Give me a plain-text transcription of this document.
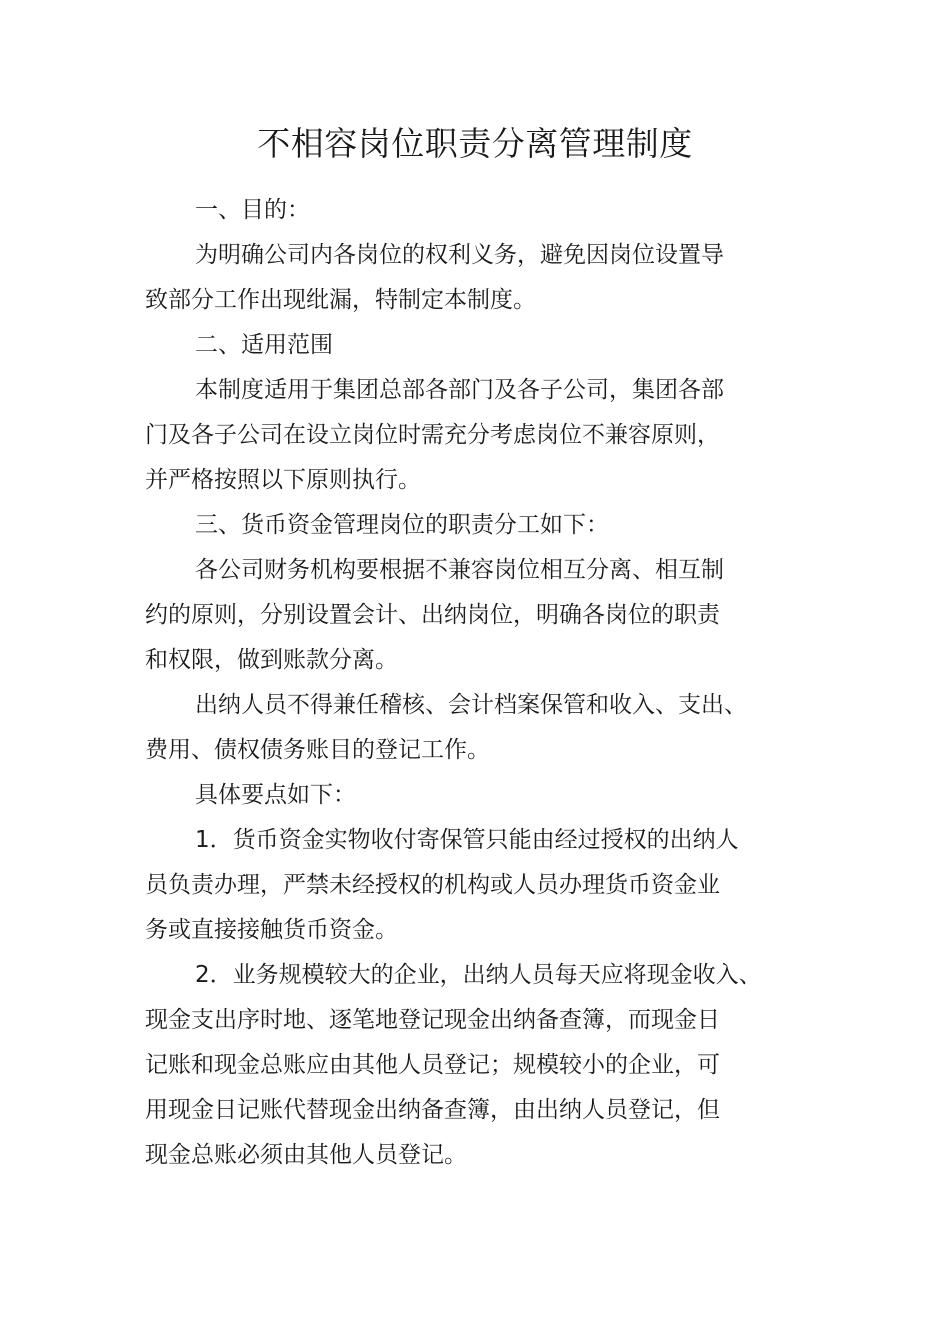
不相容岗位职责分离管理制度
一、目的：
为明确公司内各岗位的权利义务，避免因岗位设置导
致部分工作出现纰漏，特制定本制度。
二、适用范围
本制度适用于集团总部各部门及各子公司，集团各部
门及各子公司在设立岗位时需充分考虑岗位不兼容原则，
并严格按照以下原则执行。
三、货币资金管理岗位的职责分工如下：
各公司财务机构要根据不兼容岗位相互分离、相互制
约的原则，分别设置会计、出纳岗位，明确各岗位的职责
和权限，做到账款分离。
出纳人员不得兼任稽核、会计档案保管和收入、支出、
费用、债权债务账目的登记工作。
具体要点如下：
1．货币资金实物收付寄保管只能由经过授权的出纳人
员负责办理，严禁未经授权的机构或人员办理货币资金业
务或直接接触货币资金。
2．业务规模较大的企业，出纳人员每天应将现金收入、
现金支出序时地、逐笔地登记现金出纳备查簿，而现金日
记账和现金总账应由其他人员登记；规模较小的企业，可
用现金日记账代替现金出纳备查簿，由出纳人员登记，但
现金总账必须由其他人员登记。
